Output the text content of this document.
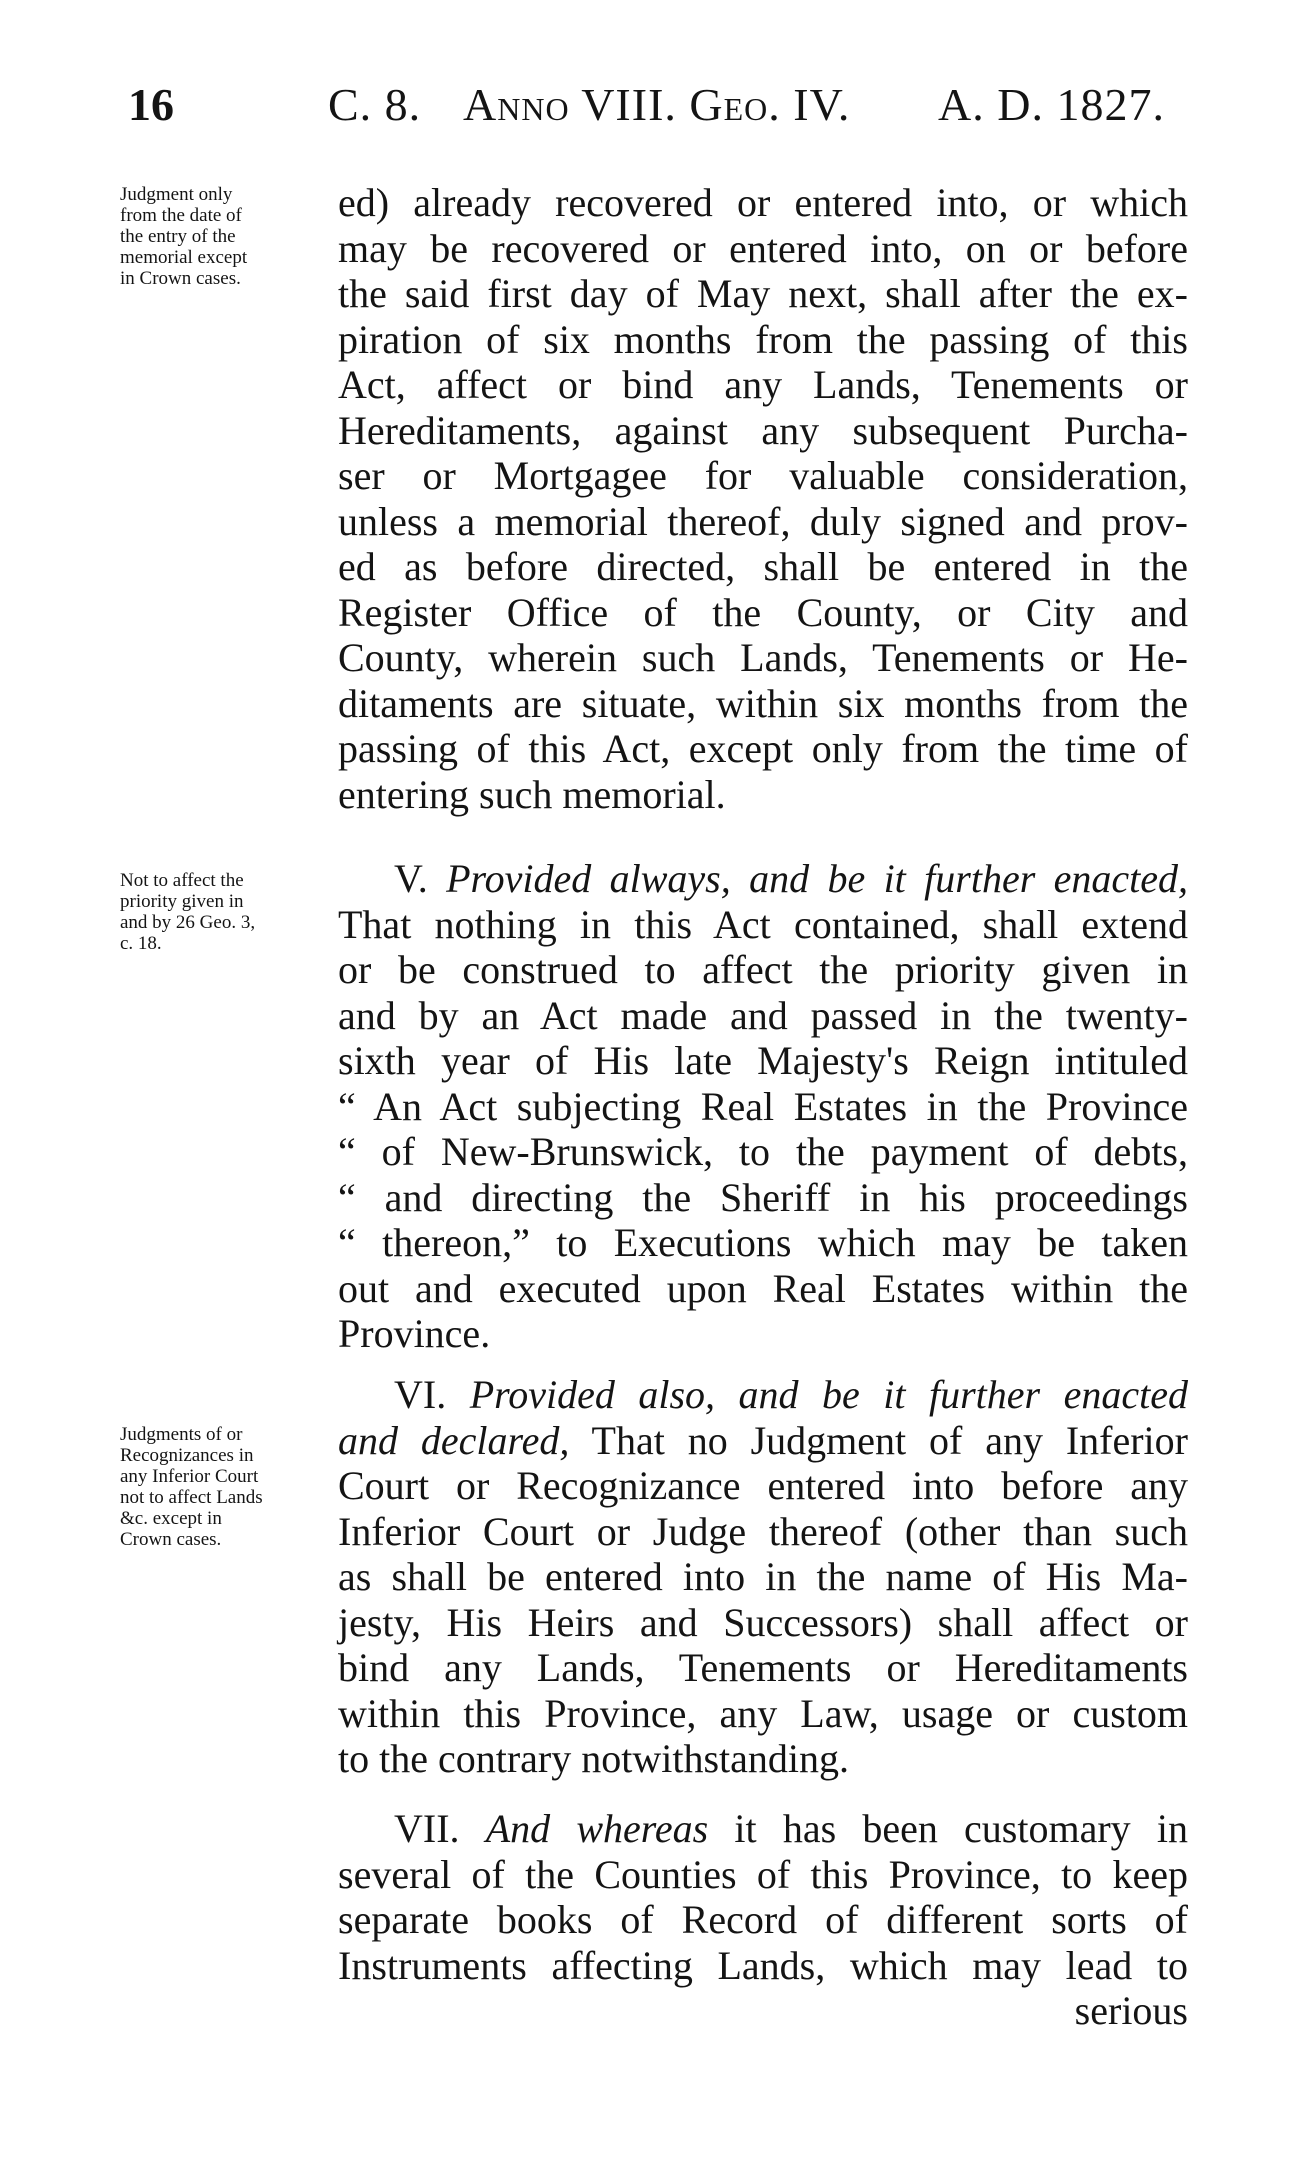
16	C. 8. Anno VIII. Geo. IV. A. D. 1827.
Judgment only
from the date of
the entry of the
memorial except
in Crown cases.
ed) already recovered or entered into, or which
may be recovered or entered into, on or before
the said first day of May next, shall after the ex-
piration of six months from the passing of this
Act, affect or bind any Lands, Tenements or
Hereditaments, against any subsequent Purcha-
ser or Mortgagee for valuable consideration,
unless a memorial thereof, duly signed and prov-
ed as before directed, shall be entered in the
Register Office of the County, or City and
County, wherein such Lands, Tenements or He-
ditaments are situate, within six months from the
passing of this Act, except only from the time of
entering such memorial.
Not to affect the
priority given in
and by 26 Geo. 3,
c. 18.
V. Provided always, and be it further enacted,
That nothing in this Act contained, shall extend
or be construed to affect the priority given in
and by an Act made and passed in the twenty-
sixth year of His late Majesty's Reign intituled
“ An Act subjecting Real Estates in the Province
“ of New-Brunswick, to the payment of debts,
“ and directing the Sheriff in his proceedings
“ thereon,” to Executions which may be taken
out and executed upon Real Estates within the
Province.
Judgments of or
Recognizances in
any Inferior Court
not to affect Lands
&c. except in
Crown cases.
VI. Provided also, and be it further enacted
and declared, That no Judgment of any Inferior
Court or Recognizance entered into before any
Inferior Court or Judge thereof (other than such
as shall be entered into in the name of His Ma-
jesty, His Heirs and Successors) shall affect or
bind any Lands, Tenements or Hereditaments
within this Province, any Law, usage or custom
to the contrary notwithstanding.
VII. And whereas it has been customary in
several of the Counties of this Province, to keep
separate books of Record of different sorts of
Instruments affecting Lands, which may lead to
serious
